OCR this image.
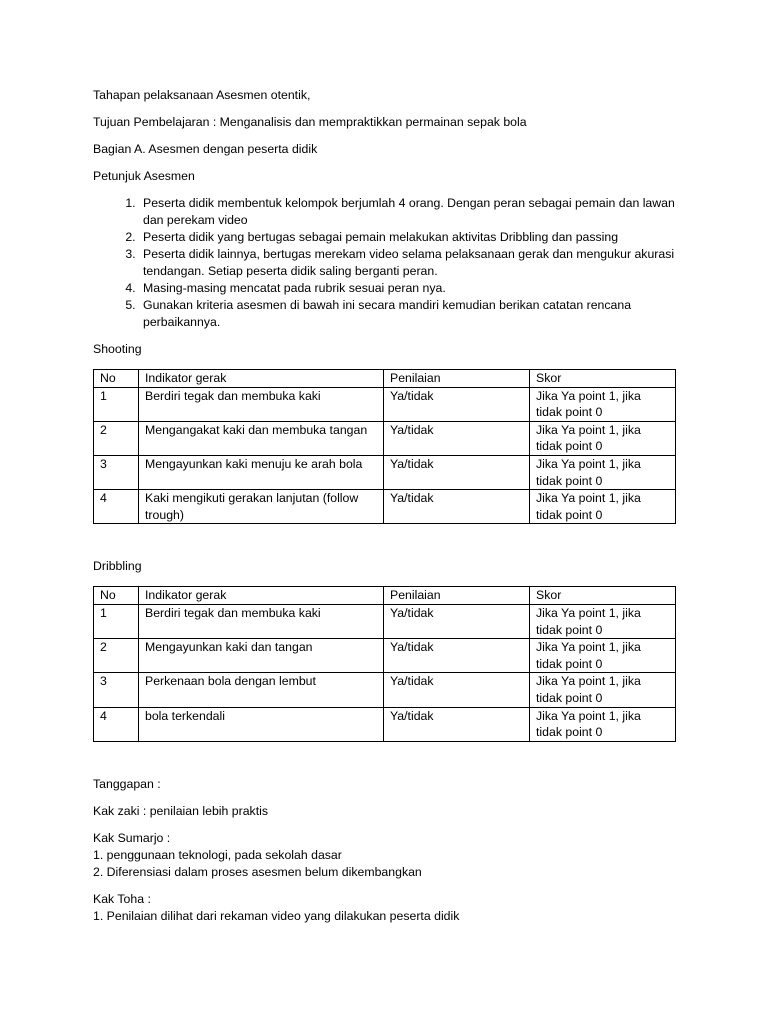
Tahapan pelaksanaan Asesmen otentik,

Tujuan Pembelajaran : Menganalisis dan mempraktikkan permainan sepak bola

Bagian A. Asesmen dengan peserta didik

Petunjuk Asesmen

1. Peserta didik membentuk kelompok berjumlah 4 orang. Dengan peran sebagai pemain dan lawan dan perekam video
2. Peserta didik yang bertugas sebagai pemain melakukan aktivitas Dribbling dan passing
3. Peserta didik lainnya, bertugas merekam video selama pelaksanaan gerak dan mengukur akurasi tendangan. Setiap peserta didik saling berganti peran.
4. Masing-masing mencatat pada rubrik sesuai peran nya.
5. Gunakan kriteria asesmen di bawah ini secara mandiri kemudian berikan catatan rencana perbaikannya.

Shooting

No	Indikator gerak	Penilaian	Skor
1	Berdiri tegak dan membuka kaki	Ya/tidak	Jika Ya point 1, jika tidak point 0
2	Mengangakat kaki dan membuka tangan	Ya/tidak	Jika Ya point 1, jika tidak point 0
3	Mengayunkan kaki menuju ke arah bola	Ya/tidak	Jika Ya point 1, jika tidak point 0
4	Kaki mengikuti gerakan lanjutan (follow trough)	Ya/tidak	Jika Ya point 1, jika tidak point 0

Dribbling

No	Indikator gerak	Penilaian	Skor
1	Berdiri tegak dan membuka kaki	Ya/tidak	Jika Ya point 1, jika tidak point 0
2	Mengayunkan kaki dan tangan	Ya/tidak	Jika Ya point 1, jika tidak point 0
3	Perkenaan bola dengan lembut	Ya/tidak	Jika Ya point 1, jika tidak point 0
4	bola terkendali	Ya/tidak	Jika Ya point 1, jika tidak point 0

Tanggapan :

Kak zaki : penilaian lebih praktis

Kak Sumarjo :

1. penggunaan teknologi, pada sekolah dasar

2. Diferensiasi dalam proses asesmen belum dikembangkan

Kak Toha :

1. Penilaian dilihat dari rekaman video yang dilakukan peserta didik
